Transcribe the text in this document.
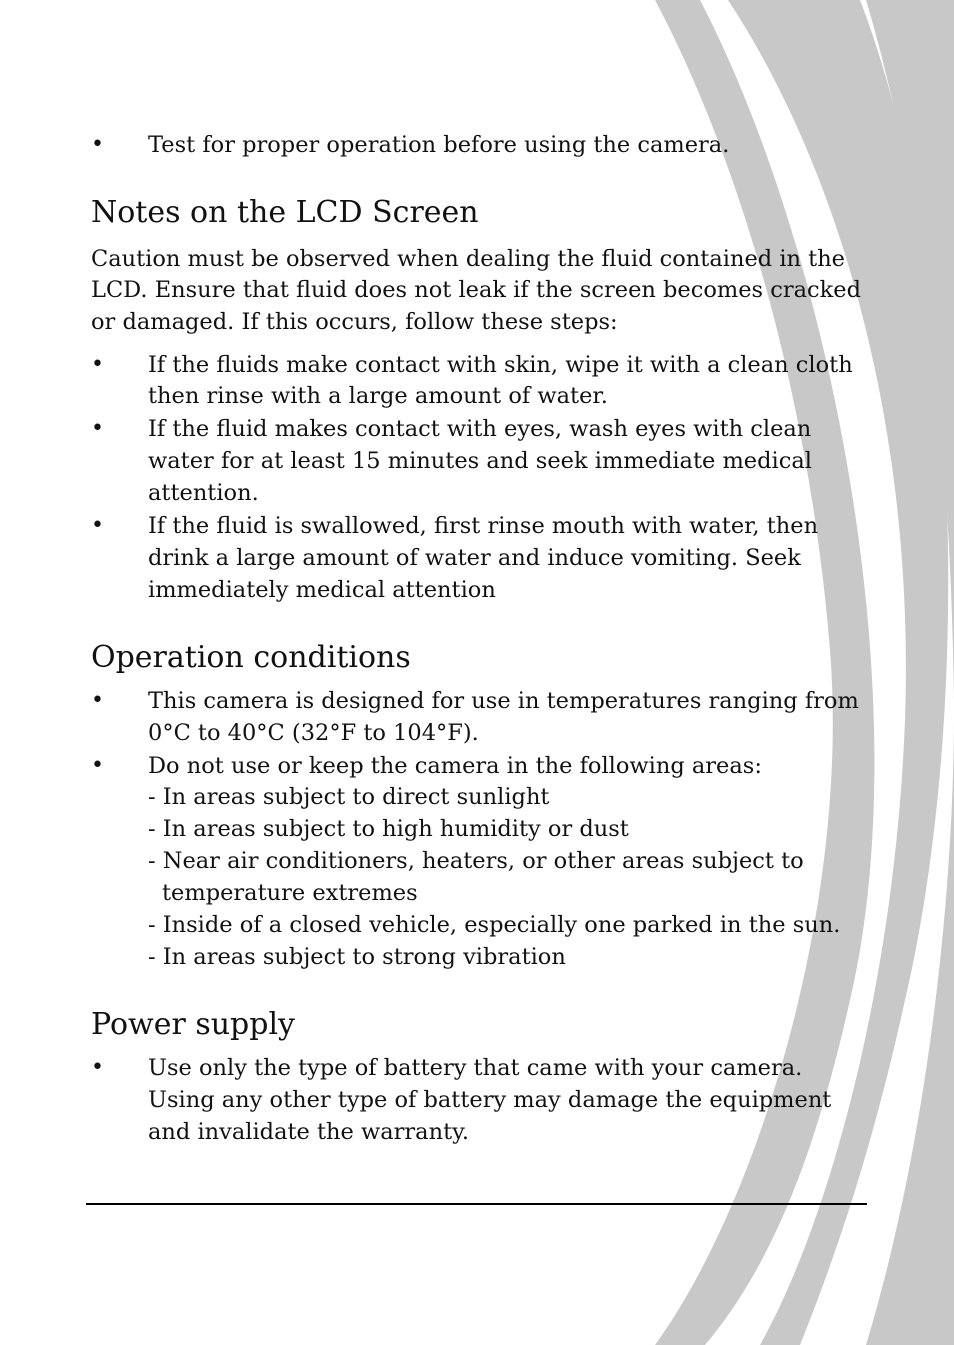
• Test for proper operation before using the camera.
Notes on the LCD Screen
Caution must be observed when dealing the fluid contained in the
LCD. Ensure that fluid does not leak if the screen becomes cracked
or damaged. If this occurs, follow these steps:
• If the fluids make contact with skin, wipe it with a clean cloth
then rinse with a large amount of water.
• If the fluid makes contact with eyes, wash eyes with clean
water for at least 15 minutes and seek immediate medical
attention.
• If the fluid is swallowed, first rinse mouth with water, then
drink a large amount of water and induce vomiting. Seek
immediately medical attention
Operation conditions
• This camera is designed for use in temperatures ranging from
0°C to 40°C (32°F to 104°F).
• Do not use or keep the camera in the following areas:
- In areas subject to direct sunlight
- In areas subject to high humidity or dust
- Near air conditioners, heaters, or other areas subject to
temperature extremes
- Inside of a closed vehicle, especially one parked in the sun.
- In areas subject to strong vibration
Power supply
• Use only the type of battery that came with your camera.
Using any other type of battery may damage the equipment
and invalidate the warranty.
